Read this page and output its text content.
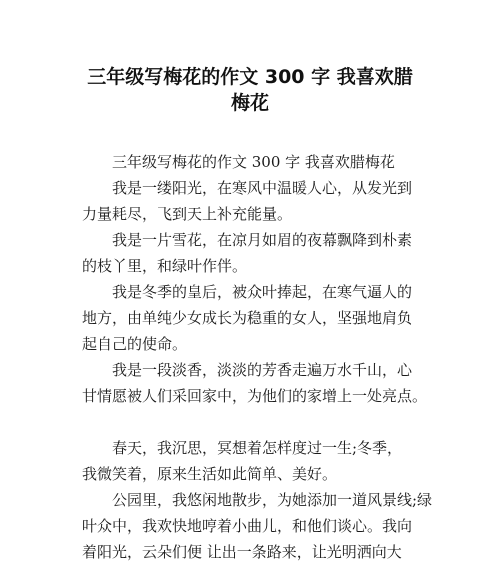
三年级写梅花的作文 300 字 我喜欢腊
梅花

三年级写梅花的作文 300 字 我喜欢腊梅花

我是一缕阳光，在寒风中温暖人心，从发光到

力量耗尽，飞到天上补充能量。

我是一片雪花，在凉月如眉的夜幕飘降到朴素

的枝丫里，和绿叶作伴。

我是冬季的皇后，被众叶捧起，在寒气逼人的

地方，由单纯少女成长为稳重的女人，坚强地肩负

起自己的使命。

我是一段淡香，淡淡的芳香走遍万水千山，心

甘情愿被人们采回家中，为他们的家增上一处亮点。

春天，我沉思，冥想着怎样度过一生;冬季，

我微笑着，原来生活如此简单、美好。

公园里，我悠闲地散步，为她添加一道风景线;绿

叶众中，我欢快地哼着小曲儿，和他们谈心。我向

着阳光，云朵们便 让出一条路来，让光明洒向大
